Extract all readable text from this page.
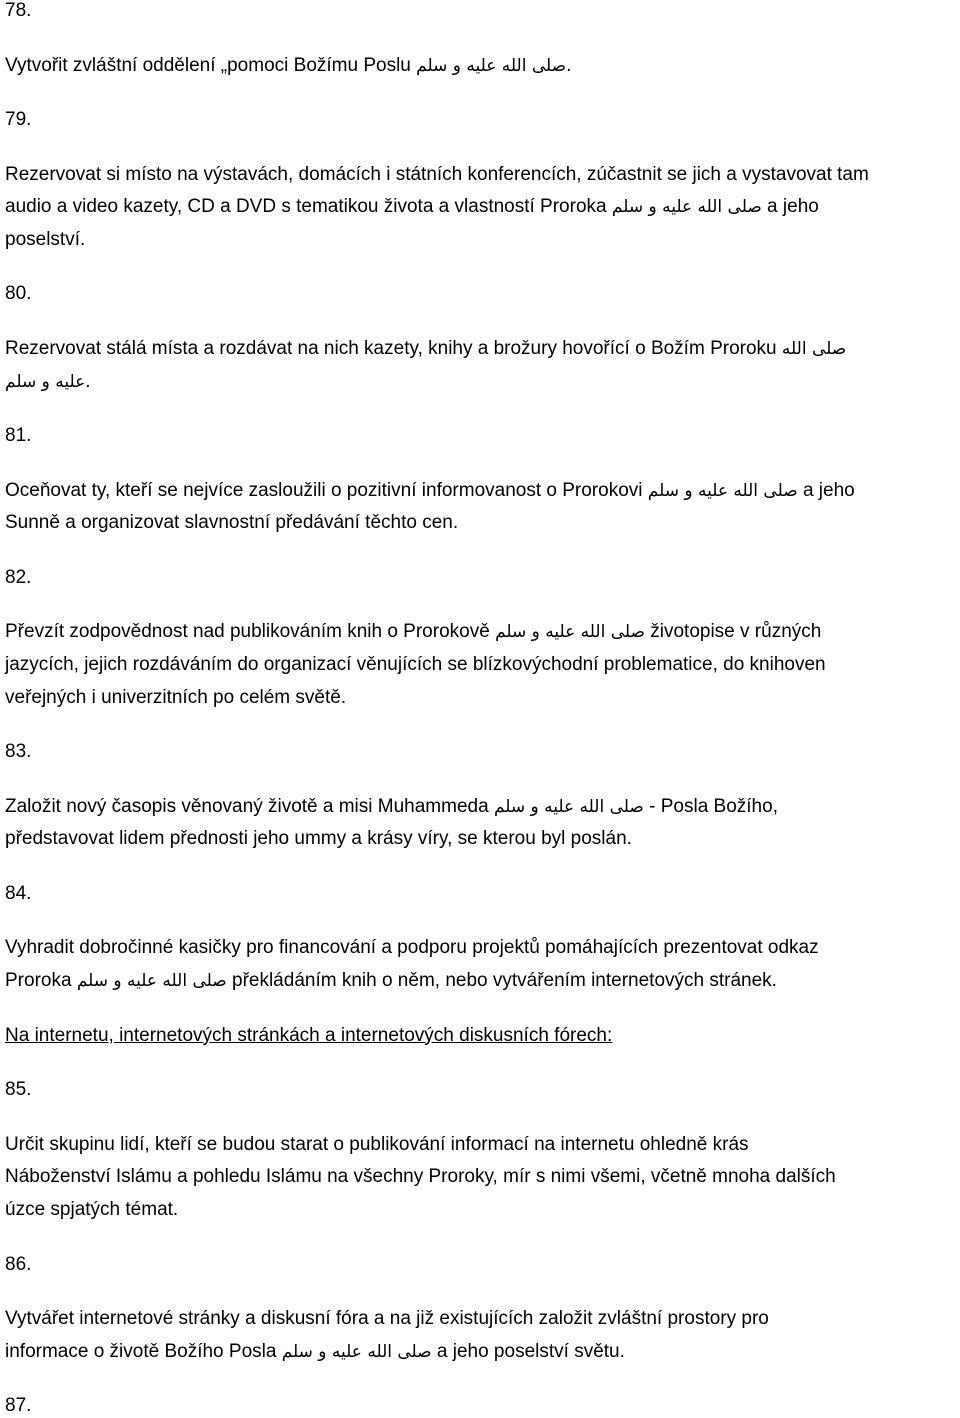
78.
Vytvořit zvláštní oddělení „pomoci Božímu Poslu صلى الله عليه و سلم.
79.
Rezervovat si místo na výstavách, domácích i státních konferencích, zúčastnit se jich a vystavovat tam
audio a video kazety, CD a DVD s tematikou života a vlastností Proroka صلى الله عليه و سلم a jeho
poselství.
80.
Rezervovat stálá místa a rozdávat na nich kazety, knihy a brožury hovořící o Božím Proroku صلى الله
عليه و سلم.
81.
Oceňovat ty, kteří se nejvíce zasloužili o pozitivní informovanost o Prorokovi صلى الله عليه و سلم a jeho
Sunně a organizovat slavnostní předávání těchto cen.
82.
Převzít zodpovědnost nad publikováním knih o Prorokově صلى الله عليه و سلم životopise v různých
jazycích, jejich rozdáváním do organizací věnujících se blízkovýchodní problematice, do knihoven
veřejných i univerzitních po celém světě.
83.
Založit nový časopis věnovaný životě a misi Muhammeda صلى الله عليه و سلم - Posla Božího,
představovat lidem přednosti jeho ummy a krásy víry, se kterou byl poslán.
84.
Vyhradit dobročinné kasičky pro financování a podporu projektů pomáhajících prezentovat odkaz
Proroka صلى الله عليه و سلم překládáním knih o něm, nebo vytvářením internetových stránek.
Na internetu, internetových stránkách a internetových diskusních fórech:
85.
Určit skupinu lidí, kteří se budou starat o publikování informací na internetu ohledně krás
Náboženství Islámu a pohledu Islámu na všechny Proroky, mír s nimi všemi, včetně mnoha dalších
úzce spjatých témat.
86.
Vytvářet internetové stránky a diskusní fóra a na již existujících založit zvláštní prostory pro
informace o životě Božího Posla صلى الله عليه و سلم a jeho poselství světu.
87.
